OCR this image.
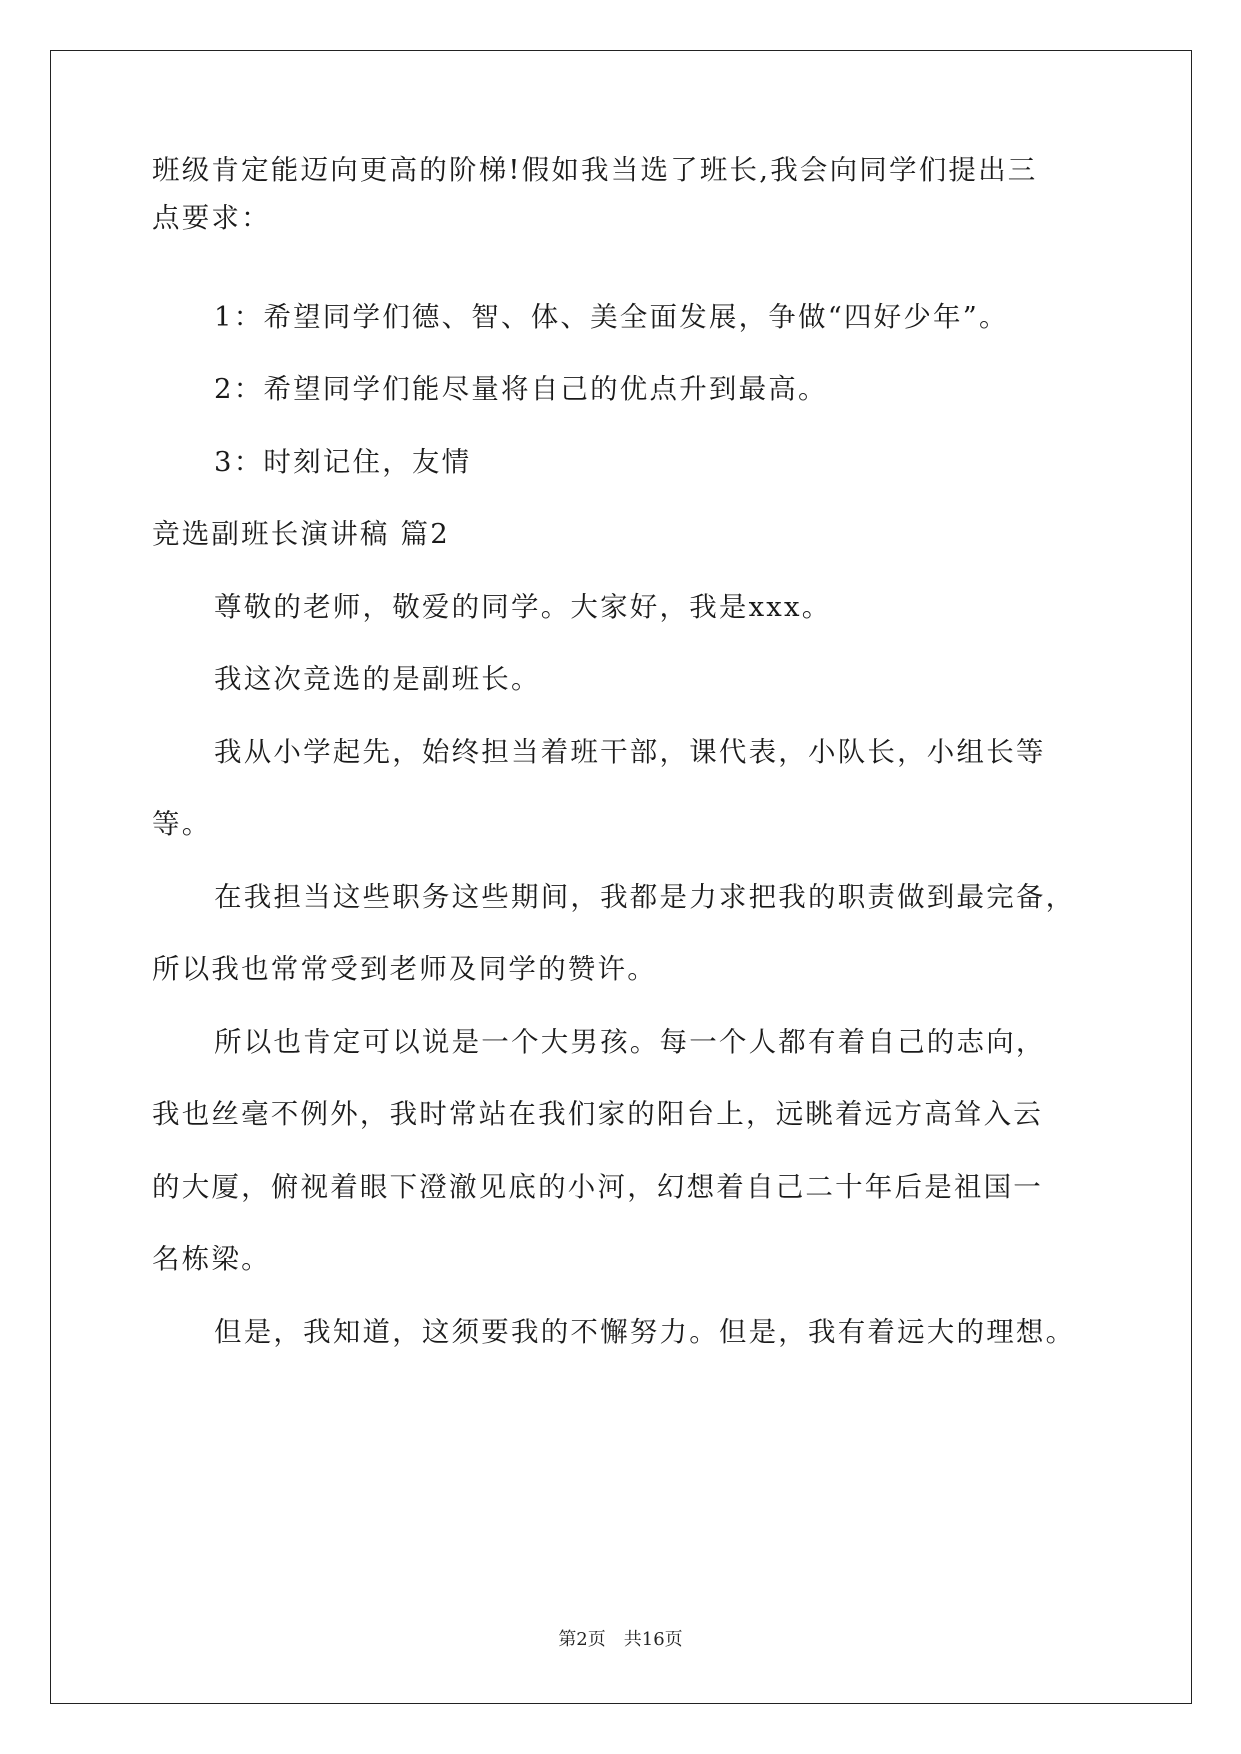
班级肯定能迈向更高的阶梯!假如我当选了班长,我会向同学们提出三
点要求：
1：希望同学们德、智、体、美全面发展，争做“四好少年”。
2：希望同学们能尽量将自己的优点升到最高。
3：时刻记住，友情
竞选副班长演讲稿 篇2
尊敬的老师，敬爱的同学。大家好，我是xxx。
我这次竞选的是副班长。
我从小学起先，始终担当着班干部，课代表，小队长，小组长等
等。
在我担当这些职务这些期间，我都是力求把我的职责做到最完备，
所以我也常常受到老师及同学的赞许。
所以也肯定可以说是一个大男孩。每一个人都有着自己的志向，
我也丝毫不例外，我时常站在我们家的阳台上，远眺着远方高耸入云
的大厦，俯视着眼下澄澈见底的小河，幻想着自己二十年后是祖国一
名栋梁。
但是，我知道，这须要我的不懈努力。但是，我有着远大的理想。
第2页　共16页
